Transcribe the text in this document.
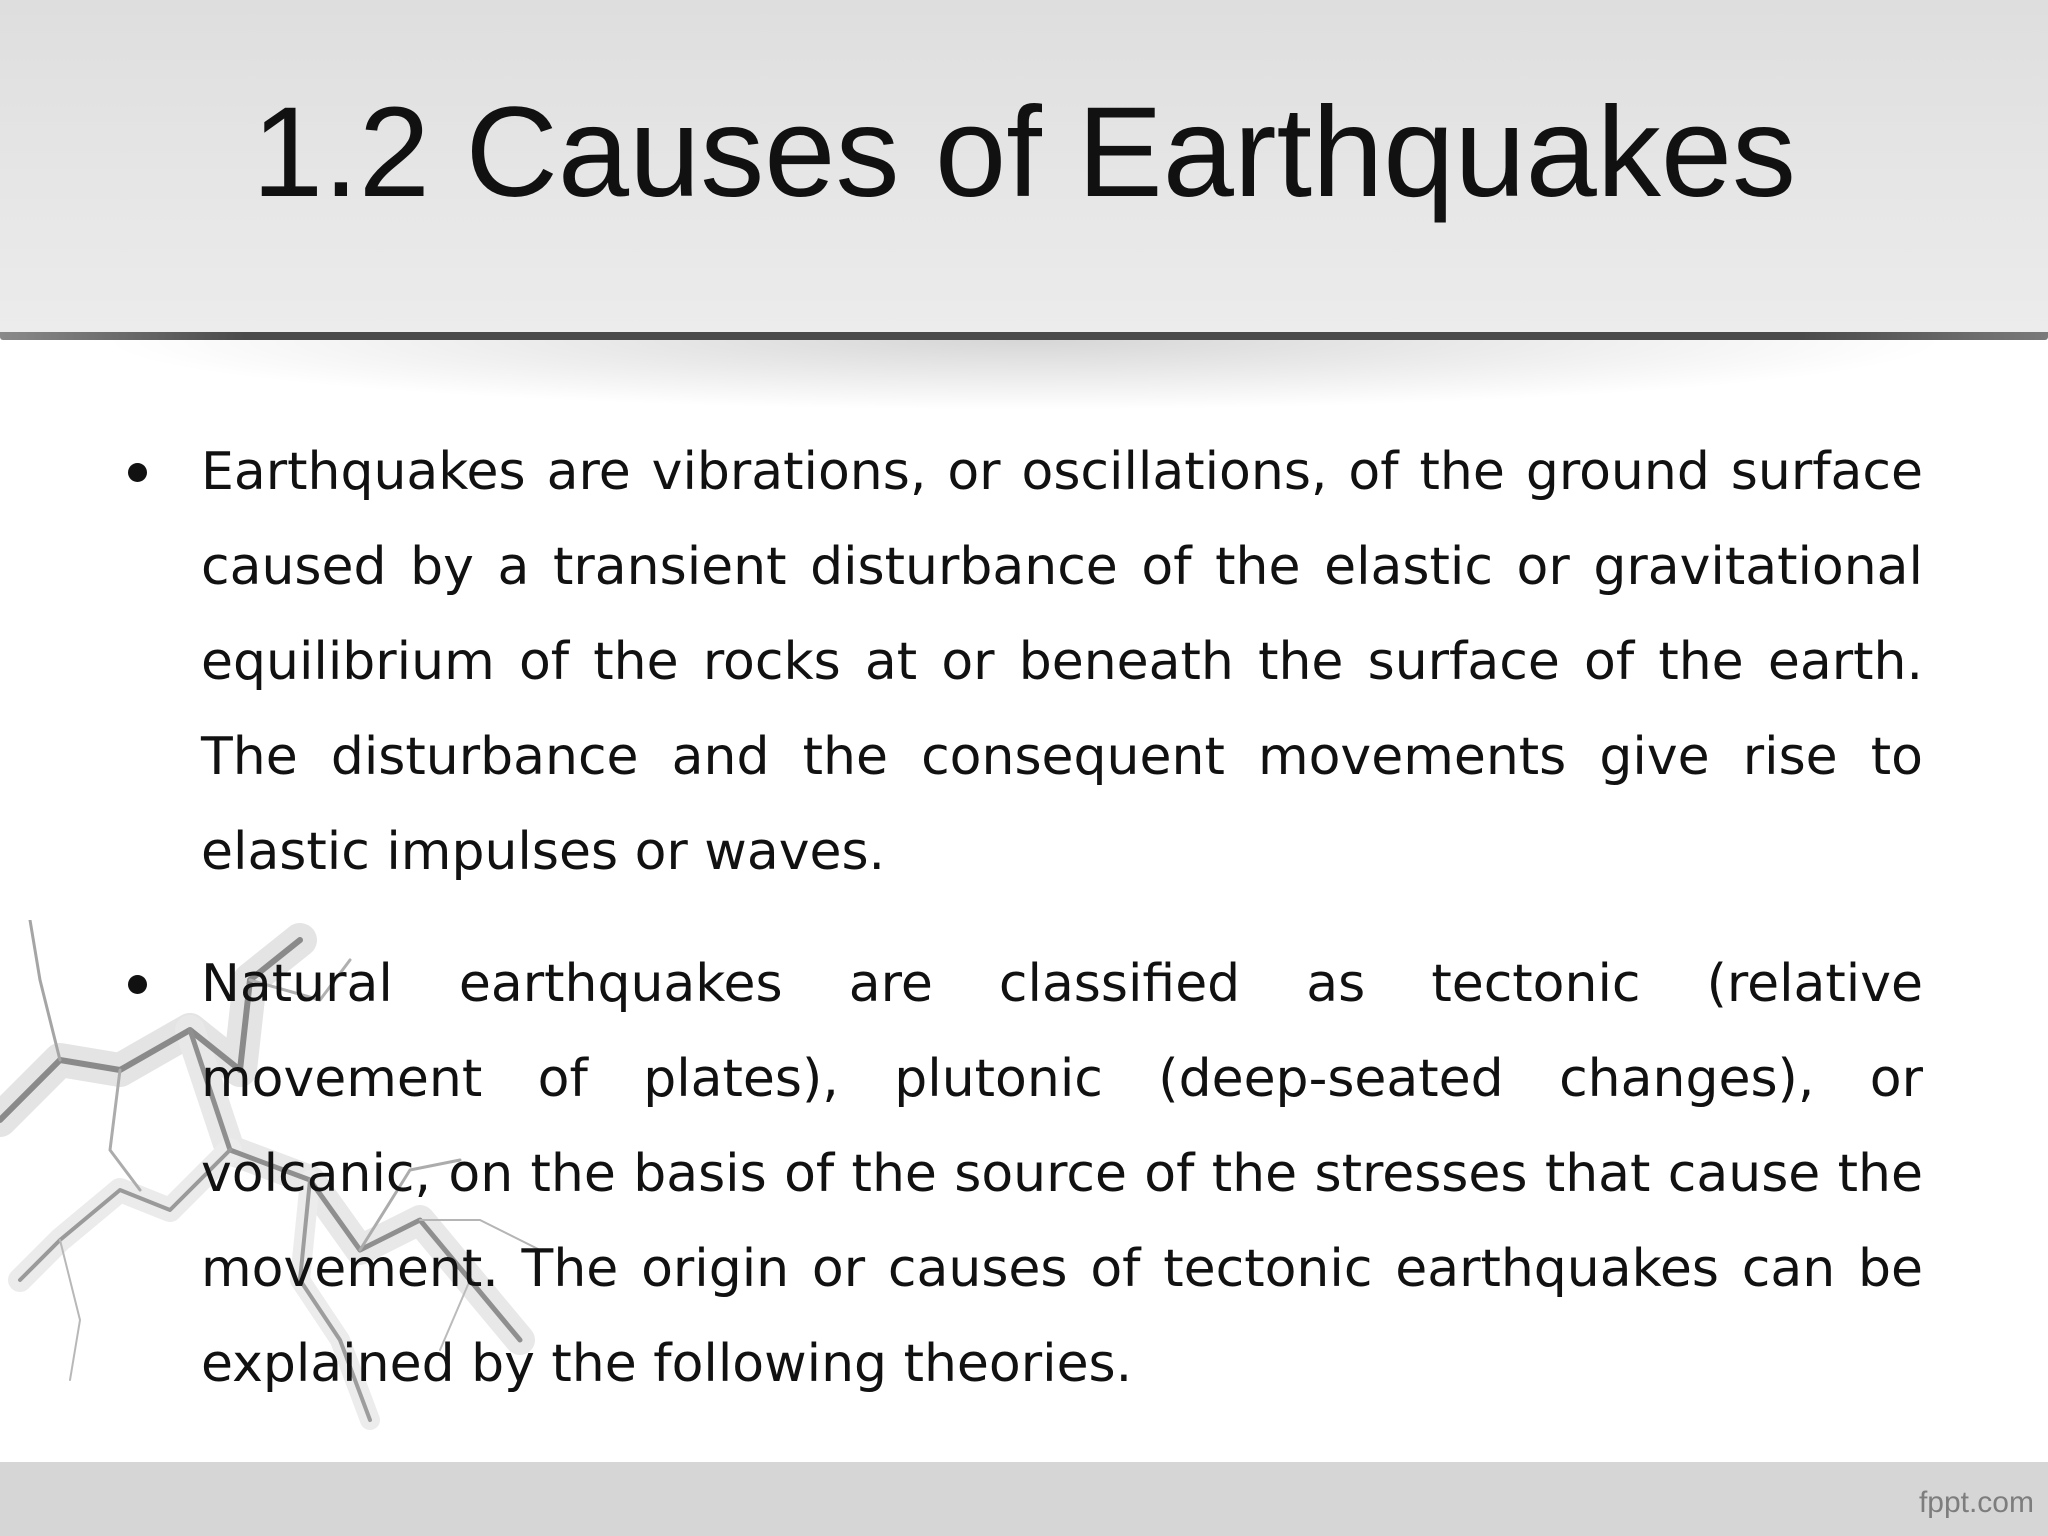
1.2 Causes of Earthquakes
Earthquakes are vibrations, or oscillations, of the ground surface caused by a transient disturbance of the elastic or gravitational equilibrium of the rocks at or beneath the surface of the earth. The disturbance and the consequent movements give rise to elastic impulses or waves.
Natural earthquakes are classified as tectonic (relative movement of plates), plutonic (deep-seated changes), or volcanic, on the basis of the source of the stresses that cause the movement. The origin or causes of tectonic earthquakes can be explained by the following theories.
fppt.com
